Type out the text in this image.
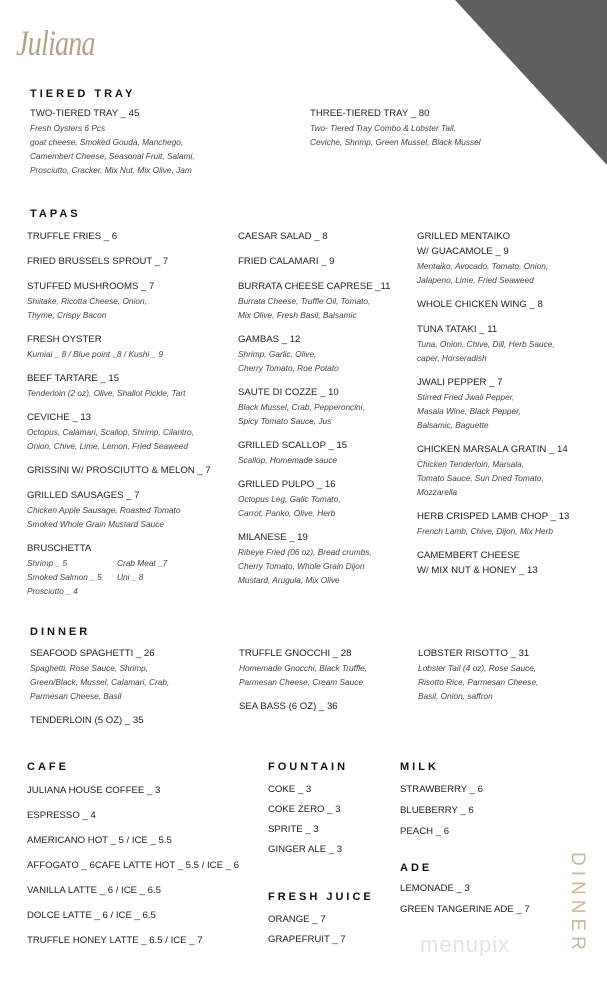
Juliana
TIERED TRAY
TWO-TIERED TRAY _ 45
Fresh Oysters 6 Pcs
goat cheese, Smoked Gouda, Manchego,
Camembert Cheese, Seasonal Fruit, Salami,
Prosciutto, Cracker, Mix Nut, Mix Olive, Jam
THREE-TIERED TRAY _ 80
Two- Tiered Tray Combo & Lobster Tail,
Ceviche, Shrimp, Green Mussel, Black Mussel
TAPAS
TRUFFLE FRIES _ 6
FRIED BRUSSELS SPROUT _ 7
STUFFED MUSHROOMS _ 7
Shiitake, Ricotta Cheese, Onion,
Thyme, Crispy Bacon
FRESH OYSTER
Kumiai _ 8 / Blue point _8 / Kushi _ 9
BEEF TARTARE _ 15
Tenderloin (2 oz), Olive, Shallot Pickle, Tart
CEVICHE _ 13
Octopus, Calamari, Scallop, Shrimp, Cilantro,
Onion, Chive, Lime, Lemon, Fried Seaweed
GRISSINI W/ PROSCIUTTO & MELON _ 7
GRILLED SAUSAGES _ 7
Chicken Apple Sausage, Roasted Tomato
Smoked Whole Grain Mustard Sauce
BRUSCHETTA
Shrimp _ 5	Crab Meat _7
Smoked Salmon _ 5	Uni _ 8
Prosciutto _ 4
CAESAR SALAD _ 8
FRIED CALAMARI _ 9
BURRATA CHEESE CAPRESE _11
Burrata Cheese, Truffle Oil, Tomato,
Mix Olive, Fresh Basil, Balsamic
GAMBAS _ 12
Shrimp, Garlic, Olive,
Cherry Tomato, Roe Potato
SAUTE DI COZZE _ 10
Black Mussel, Crab, Pepperoncini,
Spicy Tomato Sauce, Jus
GRILLED SCALLOP _ 15
Scallop, Homemade sauce
GRILLED PULPO _ 16
Octopus Leg, Galic Tomato,
Carrot, Panko, Olive, Herb
MILANESE _ 19
Ribeye Fried (06 oz), Bread crumbs,
Cherry Tomato, Whole Grain Dijon
Mustard, Arugula, Mix Olive
GRILLED MENTAIKO
W/ GUACAMOLE _ 9
Mentaiko, Avocado, Tomato, Onion,
Jalapeno, Lime, Fried Seaweed
WHOLE CHICKEN WING _ 8
TUNA TATAKI _ 11
Tuna, Onion, Chive, Dill, Herb Sauce,
caper, Horseradish
JWALI PEPPER _ 7
Stirred Fried Jwali Pepper,
Masala Wine, Black Pepper,
Balsamic, Baguette
CHICKEN MARSALA GRATIN _ 14
Chicken Tenderloin, Marsala,
Tomato Sauce, Sun Dried Tomato,
Mozzarella
HERB CRISPED LAMB CHOP _ 13
French Lamb, Chive, Dijon, Mix Herb
CAMEMBERT CHEESE
W/ MIX NUT & HONEY _ 13
DINNER
SEAFOOD SPAGHETTI _ 26
Spaghetti, Rose Sauce, Shrimp,
Green/Black, Mussel, Calamari, Crab,
Parmesan Cheese, Basil
TENDERLOIN (5 OZ) _ 35
TRUFFLE GNOCCHI _ 28
Homemade Gnocchi, Black Truffle,
Parmesan Cheese, Cream Sauce
SEA BASS (6 OZ) _ 36
LOBSTER RISOTTO _ 31
Lobster Tail (4 oz), Rose Sauce,
Risotto Rice, Parmesan Cheese,
Basil, Onion, saffron
CAFE
JULIANA HOUSE COFFEE _ 3
ESPRESSO _ 4
AMERICANO HOT _ 5 / ICE _ 5.5
AFFOGATO _ 6CAFE LATTE HOT _ 5.5 / ICE _ 6
VANILLA LATTE _ 6 / ICE _ 6.5
DOLCE LATTE _ 6 / ICE _ 6.5
TRUFFLE HONEY LATTE _ 6.5 / ICE _ 7
FOUNTAIN
COKE _ 3
COKE ZERO _ 3
SPRITE _ 3
GINGER ALE _ 3
FRESH JUICE
ORANGE _ 7
GRAPEFRUIT _ 7
MILK
STRAWBERRY _ 6
BLUEBERRY _ 6
PEACH _ 6
ADE
LEMONADE _ 3
GREEN TANGERINE ADE _ 7
menupix	DINNER
